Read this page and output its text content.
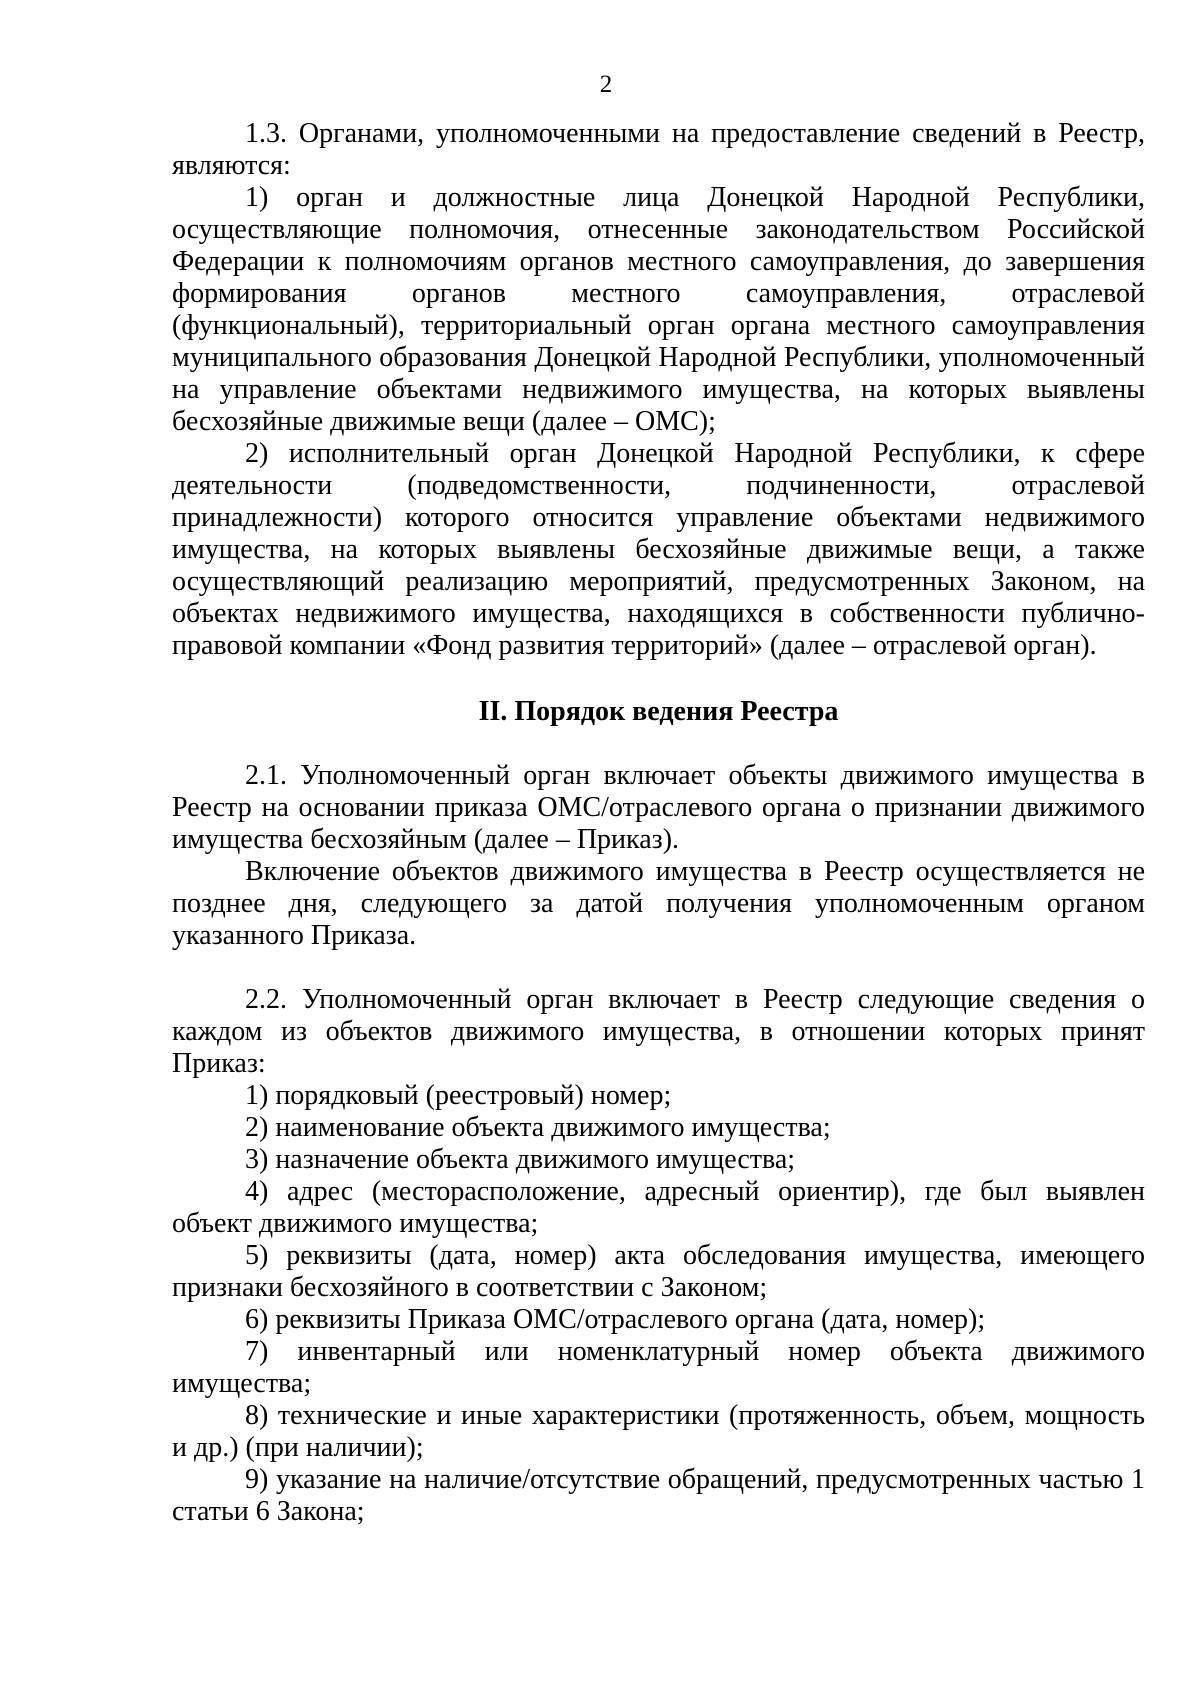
2

1.3. Органами, уполномоченными на предоставление сведений в Реестр, являются:

1) орган и должностные лица Донецкой Народной Республики, осуществляющие полномочия, отнесенные законодательством Российской Федерации к полномочиям органов местного самоуправления, до завершения формирования органов местного самоуправления, отраслевой (функциональный), территориальный орган органа местного самоуправления муниципального образования Донецкой Народной Республики, уполномоченный на управление объектами недвижимого имущества, на которых выявлены бесхозяйные движимые вещи (далее – ОМС);

2) исполнительный орган Донецкой Народной Республики, к сфере деятельности (подведомственности, подчиненности, отраслевой принадлежности) которого относится управление объектами недвижимого имущества, на которых выявлены бесхозяйные движимые вещи, а также осуществляющий реализацию мероприятий, предусмотренных Законом, на объектах недвижимого имущества, находящихся в собственности публично-правовой компании «Фонд развития территорий» (далее – отраслевой орган).

II. Порядок ведения Реестра

2.1. Уполномоченный орган включает объекты движимого имущества в Реестр на основании приказа ОМС/отраслевого органа о признании движимого имущества бесхозяйным (далее – Приказ).

Включение объектов движимого имущества в Реестр осуществляется не позднее дня, следующего за датой получения уполномоченным органом указанного Приказа.

2.2. Уполномоченный орган включает в Реестр следующие сведения о каждом из объектов движимого имущества, в отношении которых принят Приказ:

1) порядковый (реестровый) номер;

2) наименование объекта движимого имущества;

3) назначение объекта движимого имущества;

4) адрес (месторасположение, адресный ориентир), где был выявлен объект движимого имущества;

5) реквизиты (дата, номер) акта обследования имущества, имеющего признаки бесхозяйного в соответствии с Законом;

6) реквизиты Приказа ОМС/отраслевого органа (дата, номер);

7) инвентарный или номенклатурный номер объекта движимого имущества;

8) технические и иные характеристики (протяженность, объем, мощность и др.) (при наличии);

9) указание на наличие/отсутствие обращений, предусмотренных частью 1 статьи 6 Закона;
